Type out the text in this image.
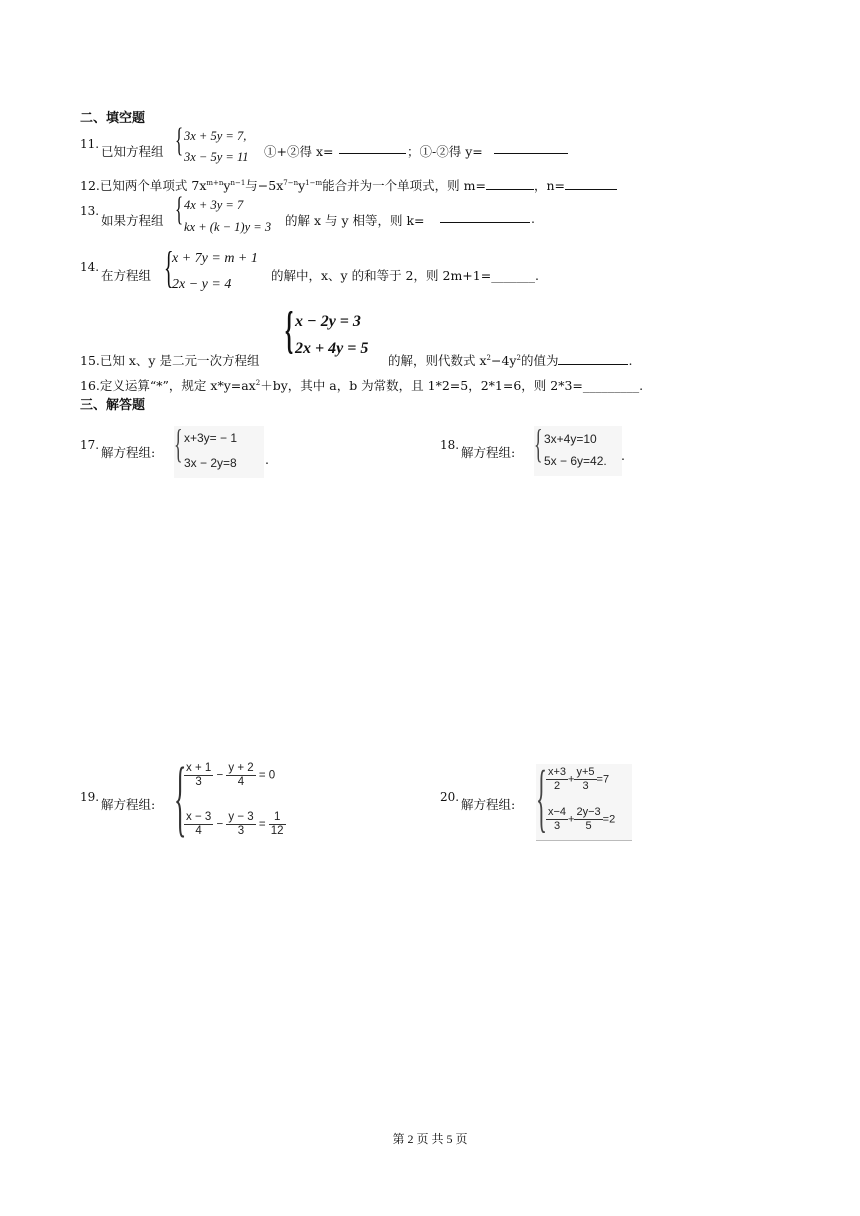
二、填空题
11. 已知方程组 { 3x + 5y = 7,
3x − 5y = 11 ①+②得 x=	；①-②得 y=
12.已知两个单项式 $7x^{m+n}y^{n-1}$与$-5x^{7-n}y^{1-m}$能合并为一个单项式，则 m=	，n=
13.
如果方程组 { 4x + 3y = 7
kx + (k − 1)y = 3 的解 x 与 y 相等，则 k=	.
14.
在方程组 {
x + 7y = m + 1
2x − y = 4
的解中，x、y 的和等于 2，则 2m+1=_______.
{ x − 2y = 3
2x + 4y = 5
15.已知 x、y 是二元一次方程组	的解，则代数式 $x^2-4y^2$的值为	.
16.定义运算“*”，规定 $x*y=ax^2+by$，其中 a，b 为常数，且 1*2=5，2*1=6，则 2*3=_________.
三、解答题
17. 解方程组: { x+3y= − 1
3x − 2y=8 .
18. 解方程组: { 3x+4y=10
5x − 6y=42. .
19. 解方程组: {
$\frac{x + 1}{3} - \frac{y + 2}{4} = 0$
$\frac{x - 3}{4} - \frac{y - 3}{3} = \frac{1}{12}$
20. 解方程组: { $\frac{x+3}{2} + \frac{y+5}{3} =7$
$\frac{x-4}{3} + \frac{2y-3}{5} =2$
第 2 页 共 5 页
